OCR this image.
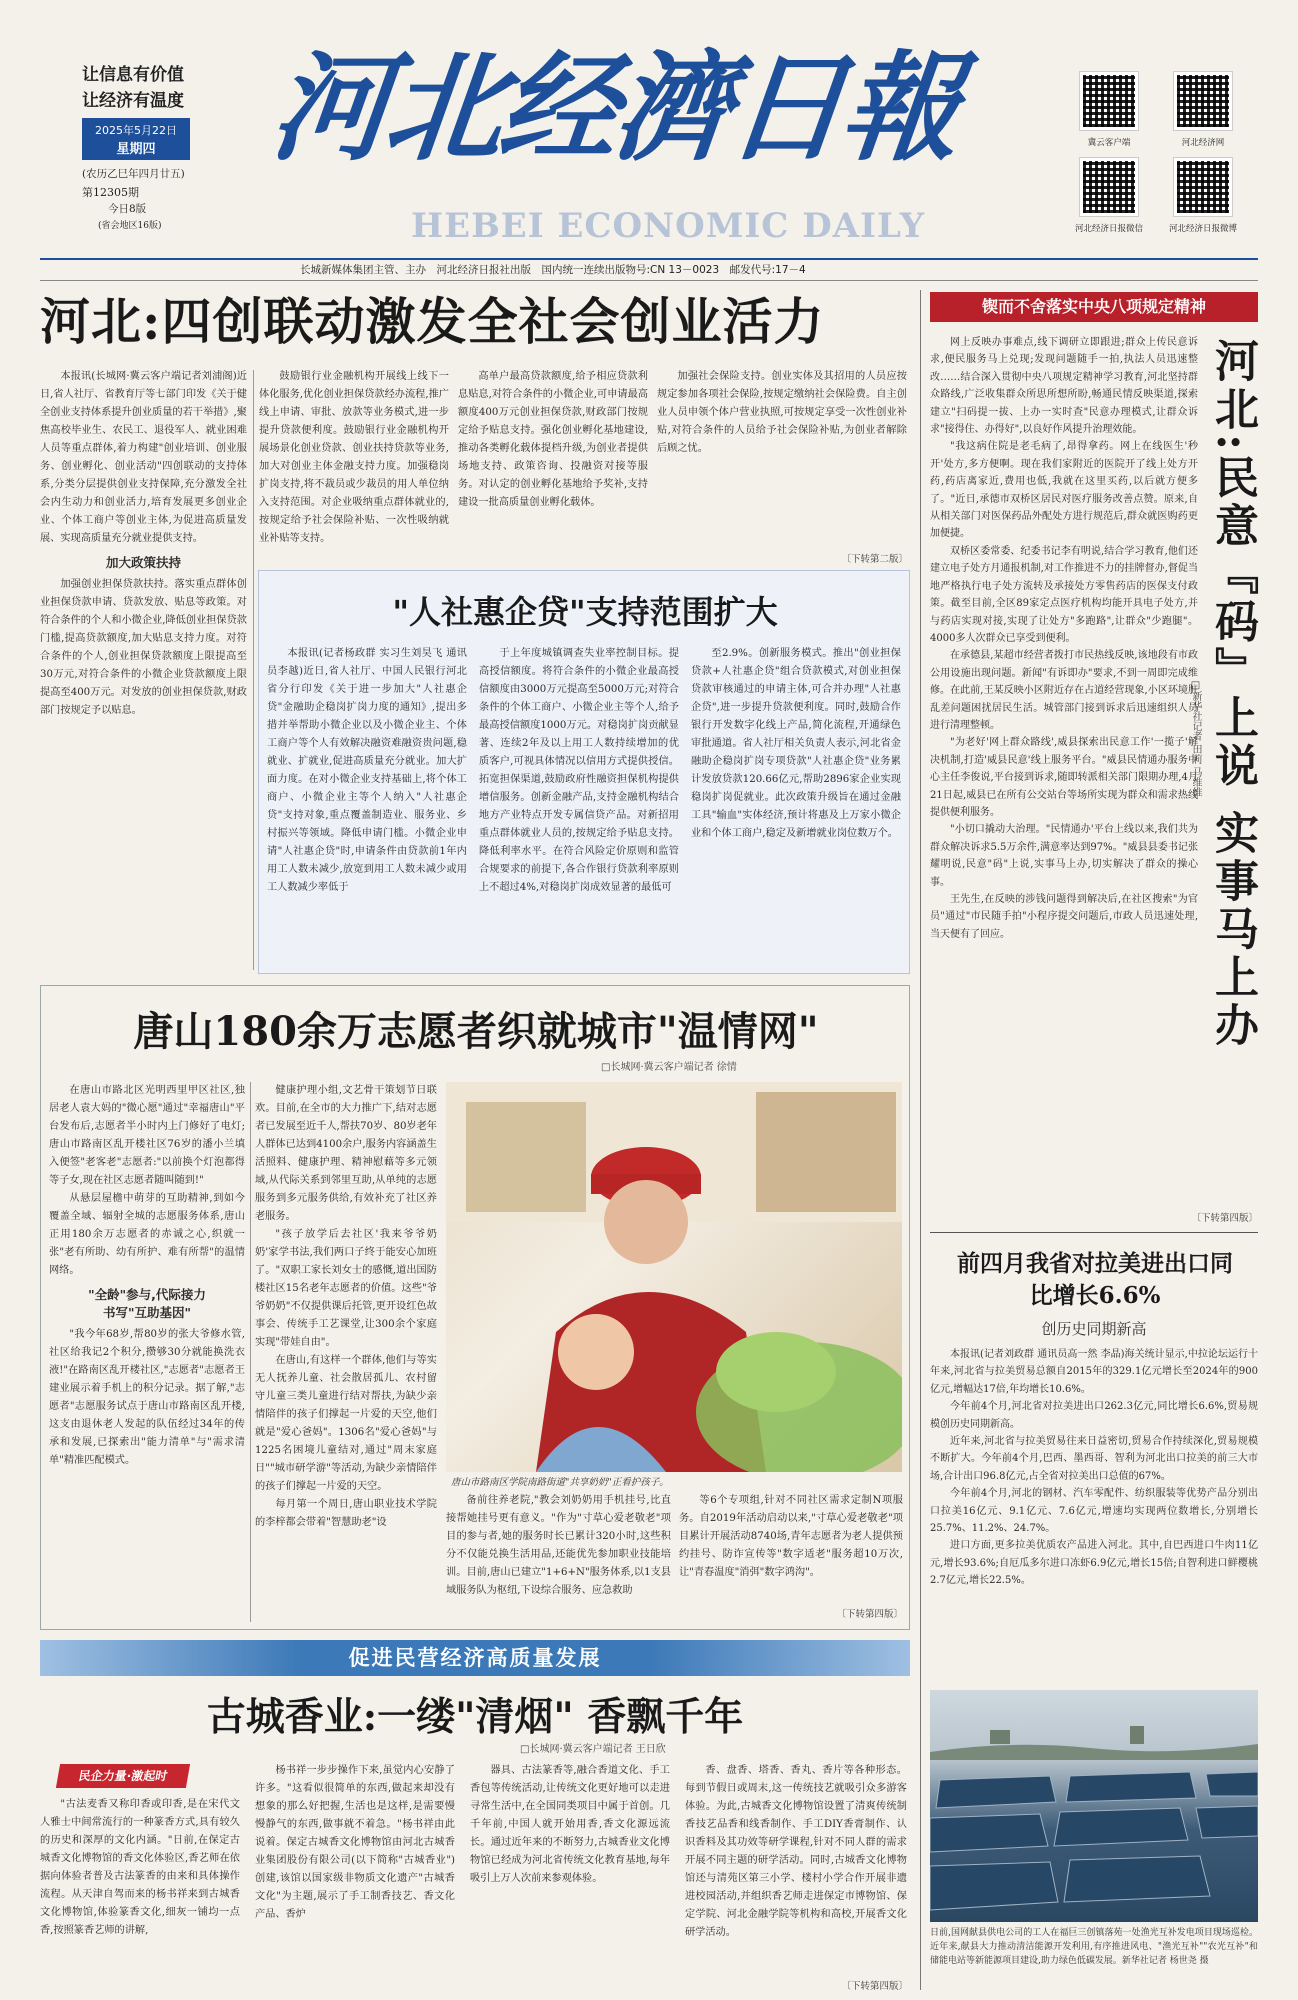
让信息有价值
让经济有温度
2025年5月22日
星期四
(农历乙巳年四月廿五)
第12305期
今日8版
(省会地区16版)
河北经濟日報
HEBEI ECONOMIC DAILY
冀云客户端	河北经济网
河北经济日报微信	河北经济日报微博
长城新媒体集团主管、主办　河北经济日报社出版　国内统一连续出版物号:CN 13－0023　邮发代号:17－4
河北:四创联动激发全社会创业活力

本报讯(长城网·冀云客户端记者刘浦阁)近日,省人社厅、省教育厅等七部门印发《关于健全创业支持体系提升创业质量的若干举措》,聚焦高校毕业生、农民工、退役军人、就业困难人员等重点群体,着力构建"创业培训、创业服务、创业孵化、创业活动"四创联动的支持体系,分类分层提供创业支持保障,充分激发全社会内生动力和创业活力,培育发展更多创业企业、个体工商户等创业主体,为促进高质量发展、实现高质量充分就业提供支持。

加大政策扶持

加强创业担保贷款扶持。落实重点群体创业担保贷款申请、贷款发放、贴息等政策。对符合条件的个人和小微企业,降低创业担保贷款门槛,提高贷款额度,加大贴息支持力度。对符合条件的个人,创业担保贷款额度上限提高至30万元,对符合条件的小微企业贷款额度上限提高至400万元。对发放的创业担保贷款,财政部门按规定予以贴息。

鼓励银行业金融机构开展线上线下一体化服务,优化创业担保贷款经办流程,推广线上申请、审批、放款等业务模式,进一步提升贷款便利度。鼓励银行业金融机构开展场景化创业贷款、创业扶持贷款等业务,加大对创业主体金融支持力度。加强稳岗扩岗支持,将不裁员或少裁员的用人单位纳入支持范围。对企业吸纳重点群体就业的,按规定给予社会保险补贴、一次性吸纳就业补贴等支持。

高单户最高贷款额度,给予相应贷款利息贴息,对符合条件的小微企业,可申请最高额度400万元创业担保贷款,财政部门按规定给予贴息支持。强化创业孵化基地建设,推动各类孵化载体提档升级,为创业者提供场地支持、政策咨询、投融资对接等服务。对认定的创业孵化基地给予奖补,支持建设一批高质量创业孵化载体。

加强社会保险支持。创业实体及其招用的人员应按规定参加各项社会保险,按规定缴纳社会保险费。自主创业人员申领个体户营业执照,可按规定享受一次性创业补贴,对符合条件的人员给予社会保险补贴,为创业者解除后顾之忧。

〔下转第二版〕
"人社惠企贷"支持范围扩大

本报讯(记者杨政群 实习生刘昊飞 通讯员李越)近日,省人社厅、中国人民银行河北省分行印发《关于进一步加大"人社惠企贷"金融助企稳岗扩岗力度的通知》,提出多措并举帮助小微企业以及小微企业主、个体工商户等个人有效解决融资难融资贵问题,稳就业、扩就业,促进高质量充分就业。加大扩面力度。在对小微企业支持基础上,将个体工商户、小微企业主等个人纳入"人社惠企贷"支持对象,重点覆盖制造业、服务业、乡村振兴等领域。降低申请门槛。小微企业申请"人社惠企贷"时,申请条件由贷款前1年内用工人数未减少,放宽到用工人数未减少或用工人数减少率低于

于上年度城镇调查失业率控制目标。提高授信额度。将符合条件的小微企业最高授信额度由3000万元提高至5000万元;对符合条件的个体工商户、小微企业主等个人,给予最高授信额度1000万元。对稳岗扩岗贡献显著、连续2年及以上用工人数持续增加的优质客户,可视具体情况以信用方式提供授信。拓宽担保渠道,鼓励政府性融资担保机构提供增信服务。创新金融产品,支持金融机构结合地方产业特点开发专属信贷产品。对新招用重点群体就业人员的,按规定给予贴息支持。降低利率水平。在符合风险定价原则和监管合规要求的前提下,各合作银行贷款利率原则上不超过4%,对稳岗扩岗成效显著的最低可

至2.9%。创新服务模式。推出"创业担保贷款+人社惠企贷"组合贷款模式,对创业担保贷款审核通过的申请主体,可合并办理"人社惠企贷",进一步提升贷款便利度。同时,鼓励合作银行开发数字化线上产品,简化流程,开通绿色审批通道。省人社厅相关负责人表示,河北省金融助企稳岗扩岗专项贷款"人社惠企贷"业务累计发放贷款120.66亿元,帮助2896家企业实现稳岗扩岗促就业。此次政策升级旨在通过金融工具"输血"实体经济,预计将惠及上万家小微企业和个体工商户,稳定及新增就业岗位数万个。

唐山180余万志愿者织就城市"温情网"
□长城网·冀云客户端记者 徐情

在唐山市路北区光明西里甲区社区,独居老人袁大妈的"微心愿"通过"幸福唐山"平台发布后,志愿者半小时内上门修好了电灯;唐山市路南区乱开楼社区76岁的潘小兰填入便签"老客老"志愿者:"以前换个灯泡都得等子女,现在社区志愿者随叫随到!"

从悬层屋檐中萌芽的互助精神,到如今覆盖全域、辐射全城的志愿服务体系,唐山正用180余万志愿者的赤诚之心,织就一张"老有所助、幼有所护、难有所帮"的温情网络。

"全龄"参与,代际接力
书写"互助基因"

"我今年68岁,帮80岁的张大爷修水管,社区给我记2个积分,攒够30分就能换洗衣液!"在路南区乱开楼社区,"志愿者"志愿者王建业展示着手机上的积分记录。据了解,"志愿者"志愿服务试点于唐山市路南区乱开楼,这支由退休老人发起的队伍经过34年的传承和发展,已探索出"能力清单"与"需求清单"精准匹配模式。

健康护理小组,文艺骨干策划节日联欢。目前,在全市的大力推广下,结对志愿者已发展至近千人,帮扶70岁、80岁老年人群体已达到4100余户,服务内容涵盖生活照料、健康护理、精神慰藉等多元领域,从代际关系到邻里互助,从单纯的志愿服务到多元服务供给,有效补充了社区养老服务。

"孩子放学后去社区'我来爷爷奶奶'家学书法,我们两口子终于能安心加班了。"双职工家长刘女士的感慨,道出国防楼社区15名老年志愿者的价值。这些"爷爷奶奶"不仅提供课后托管,更开设红色故事会、传统手工艺课堂,让300余个家庭实现"带娃自由"。

在唐山,有这样一个群体,他们与等实无人抚养儿童、社会散居孤儿、农村留守儿童三类儿童进行结对帮扶,为缺少亲情陪伴的孩子们撑起一片爱的天空,他们就是"爱心爸妈"。1306名"爱心爸妈"与1225名困境儿童结对,通过"周末家庭日""城市研学游"等活动,为缺少亲情陪伴的孩子们撑起一片爱的天空。

每月第一个周日,唐山职业技术学院的李梓都会带着"智慧助老"设

唐山市路南区学院南路街道"共享奶奶"正看护孩子。

备前往养老院,"教会刘奶奶用手机挂号,比直接帮她挂号更有意义。"作为"寸草心爱老敬老"项目的参与者,她的服务时长已累计320小时,这些积分不仅能兑换生活用品,还能优先参加职业技能培训。目前,唐山已建立"1+6+N"服务体系,以1支县域服务队为枢纽,下设综合服务、应急救助

等6个专项组,针对不同社区需求定制N项服务。自2019年活动启动以来,"寸草心爱老敬老"项目累计开展活动8740场,青年志愿者为老人提供预约挂号、防诈宣传等"数字适老"服务超10万次,让"青春温度"消弭"数字鸿沟"。

〔下转第四版〕
促进民营经济高质量发展
古城香业:一缕"清烟" 香飘千年
□长城网·冀云客户端记者 王日欣
民企力量·激起时

"古法麦香又称印香或印香,是在宋代文人雅士中间常流行的一种篆香方式,具有较久的历史和深厚的文化内涵。"日前,在保定古城香文化博物馆的香文化体验区,香艺师在依据向体验者普及古法篆香的由来和具体操作流程。从天津自驾而来的杨书祥来到古城香文化博物馆,体验篆香文化,细灰一铺均一点香,按照篆香艺师的讲解,

杨书祥一步步操作下来,虽觉内心安静了许多。"这看似很简单的东西,做起来却没有想象的那么好把握,生活也是这样,是需要慢慢静气的东西,做事就不着急。"杨书祥由此说着。保定古城香文化博物馆由河北古城香业集团股份有限公司(以下简称"古城香业")创建,该馆以国家级非物质文化遗产"古城香文化"为主题,展示了手工制香技艺、香文化产品、香炉

器具、古法篆香等,融合香道文化、手工香包等传统活动,让传统文化更好地可以走进寻常生活中,在全国同类项目中属于首创。几千年前,中国人就开始用香,香文化源远流长。通过近年来的不断努力,古城香业文化博物馆已经成为河北省传统文化教育基地,每年吸引上万人次前来参观体验。

香、盘香、塔香、香丸、香片等各种形态。每到节假日或周末,这一传统技艺就吸引众多游客体验。为此,古城香文化博物馆设置了清爽传统制香技艺品香和线香制作、手工DIY香膏制作、认识香料及其功效等研学课程,针对不同人群的需求开展不同主题的研学活动。同时,古城香文化博物馆还与清苑区第三小学、楼村小学合作开展非遗进校园活动,并组织香艺师走进保定市博物馆、保定学院、河北金融学院等机构和高校,开展香文化研学活动。

〔下转第四版〕
锲而不舍落实中央八项规定精神

网上反映办事难点,线下调研立即跟进;群众上传民意诉求,便民服务马上兑现;发现问题随手一拍,执法人员迅速整改……结合深入贯彻中央八项规定精神学习教育,河北坚持群众路线,广泛收集群众所思所想所盼,畅通民情反映渠道,探索建立"扫码提一拔、上办一实时查"民意办理模式,让群众诉求"接得住、办得好",以良好作风提升治理效能。

"我这病住院是老毛病了,昂得拿药。网上在线医生'秒开'处方,多方便啊。现在我们家附近的医院开了线上处方开药,药店离家近,费用也低,我就在这里买药,以后就方便多了。"近日,承德市双桥区居民对医疗服务改善点赞。原来,自从相关部门对医保药品外配处方进行规范后,群众就医购药更加便捷。

双桥区委常委、纪委书记李有明说,结合学习教育,他们还建立电子处方月通报机制,对工作推进不力的挂牌督办,督促当地严格执行电子处方流转及承接处方零售药店的医保支付政策。截至目前,全区89家定点医疗机构均能开具电子处方,并与药店实现对接,实现了让处方"多跑路",让群众"少跑腿"。4000多人次群众已享受到便利。

在承德县,某超市经营者拨打市民热线反映,该地段有市政公用设施出现问题。新闻"有诉即办"要求,不到一周即完成维修。在此前,王某反映小区附近存在占道经营现象,小区环境脏乱差问题困扰居民生活。城管部门接到诉求后迅速组织人员进行清理整顿。

"为老好'网上群众路线',威县探索出民意工作'一揽子'解决机制,打造'威县民意'线上服务平台。"威县民情通办服务中心主任李俊说,平台接到诉求,随即转派相关部门限期办理,4月21日起,威县已在所有公交站台等场所实现为群众和需求热线提供便利服务。

"小切口撬动大治理。"民情通办'平台上线以来,我们共为群众解决诉求5.5万余件,满意率达到97%。"威县县委书记张耀明说,民意"码"上说,实事马上办,切实解决了群众的操心事。

王先生,在反映的涉钱问题得到解决后,在社区搜索"为官员"通过"市民随手拍"小程序提交问题后,市政人员迅速处理,当天便有了回应。

〔下转第四版〕
河北:民意『码』上说 实事马上办
□新华社记者 田莉 马维维
前四月我省对拉美进出口同比增长6.6%
创历史同期新高

本报讯(记者刘政群 通讯员高一然 李晶)海关统计显示,中拉论坛运行十年来,河北省与拉美贸易总额自2015年的329.1亿元增长至2024年的900亿元,增幅达17倍,年均增长10.6%。

今年前4个月,河北省对拉美进出口262.3亿元,同比增长6.6%,贸易规模创历史同期新高。

近年来,河北省与拉美贸易往来日益密切,贸易合作持续深化,贸易规模不断扩大。今年前4个月,巴西、墨西哥、智利为河北出口拉美的前三大市场,合计出口96.8亿元,占全省对拉美出口总值的67%。

今年前4个月,河北的钢材、汽车零配件、纺织服装等优势产品分别出口拉美16亿元、9.1亿元、7.6亿元,增速均实现两位数增长,分别增长25.7%、11.2%、24.7%。

进口方面,更多拉美优质农产品进入河北。其中,自巴西进口牛肉11亿元,增长93.6%;自厄瓜多尔进口冻虾6.9亿元,增长15倍;自智利进口鲜樱桃2.7亿元,增长22.5%。

日前,国网献县供电公司的工人在福巨三创镇落苑一处渔光互补发电项目现场巡检。近年来,献县大力推动清洁能源开发利用,有序推进风电、"渔光互补""农光互补"和储能电站等新能源项目建设,助力绿色低碳发展。新华社记者 杨世尧 摄
